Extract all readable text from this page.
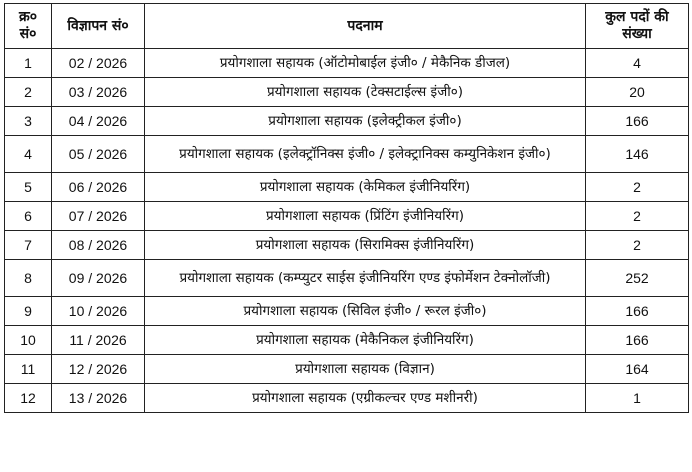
क्र० सं०	विज्ञापन सं०	पदनाम	कुल पदों की संख्या
1	02 / 2026	प्रयोगशाला सहायक (ऑटोमोबाईल इंजी० / मेकैनिक डीजल)	4
2	03 / 2026	प्रयोगशाला सहायक (टेक्सटाईल्स इंजी०)	20
3	04 / 2026	प्रयोगशाला सहायक (इलेक्ट्रीकल इंजी०)	166
4	05 / 2026	प्रयोगशाला सहायक (इलेक्ट्रॉनिक्स इंजी० / इलेक्ट्रानिक्स कम्युनिकेशन इंजी०)	146
5	06 / 2026	प्रयोगशाला सहायक (केमिकल इंजीनियरिंग)	2
6	07 / 2026	प्रयोगशाला सहायक (प्रिंटिंग इंजीनियरिंग)	2
7	08 / 2026	प्रयोगशाला सहायक (सिरामिक्स इंजीनियरिंग)	2
8	09 / 2026	प्रयोगशाला सहायक (कम्प्युटर साईस इंजीनियरिंग एण्ड इंफोर्मेशन टेक्नोलॉजी)	252
9	10 / 2026	प्रयोगशाला सहायक (सिविल इंजी० / रूरल इंजी०)	166
10	11 / 2026	प्रयोगशाला सहायक (मेकैनिकल इंजीनियरिंग)	166
11	12 / 2026	प्रयोगशाला सहायक (विज्ञान)	164
12	13 / 2026	प्रयोगशाला सहायक (एग्रीकल्चर एण्ड मशीनरी)	1
